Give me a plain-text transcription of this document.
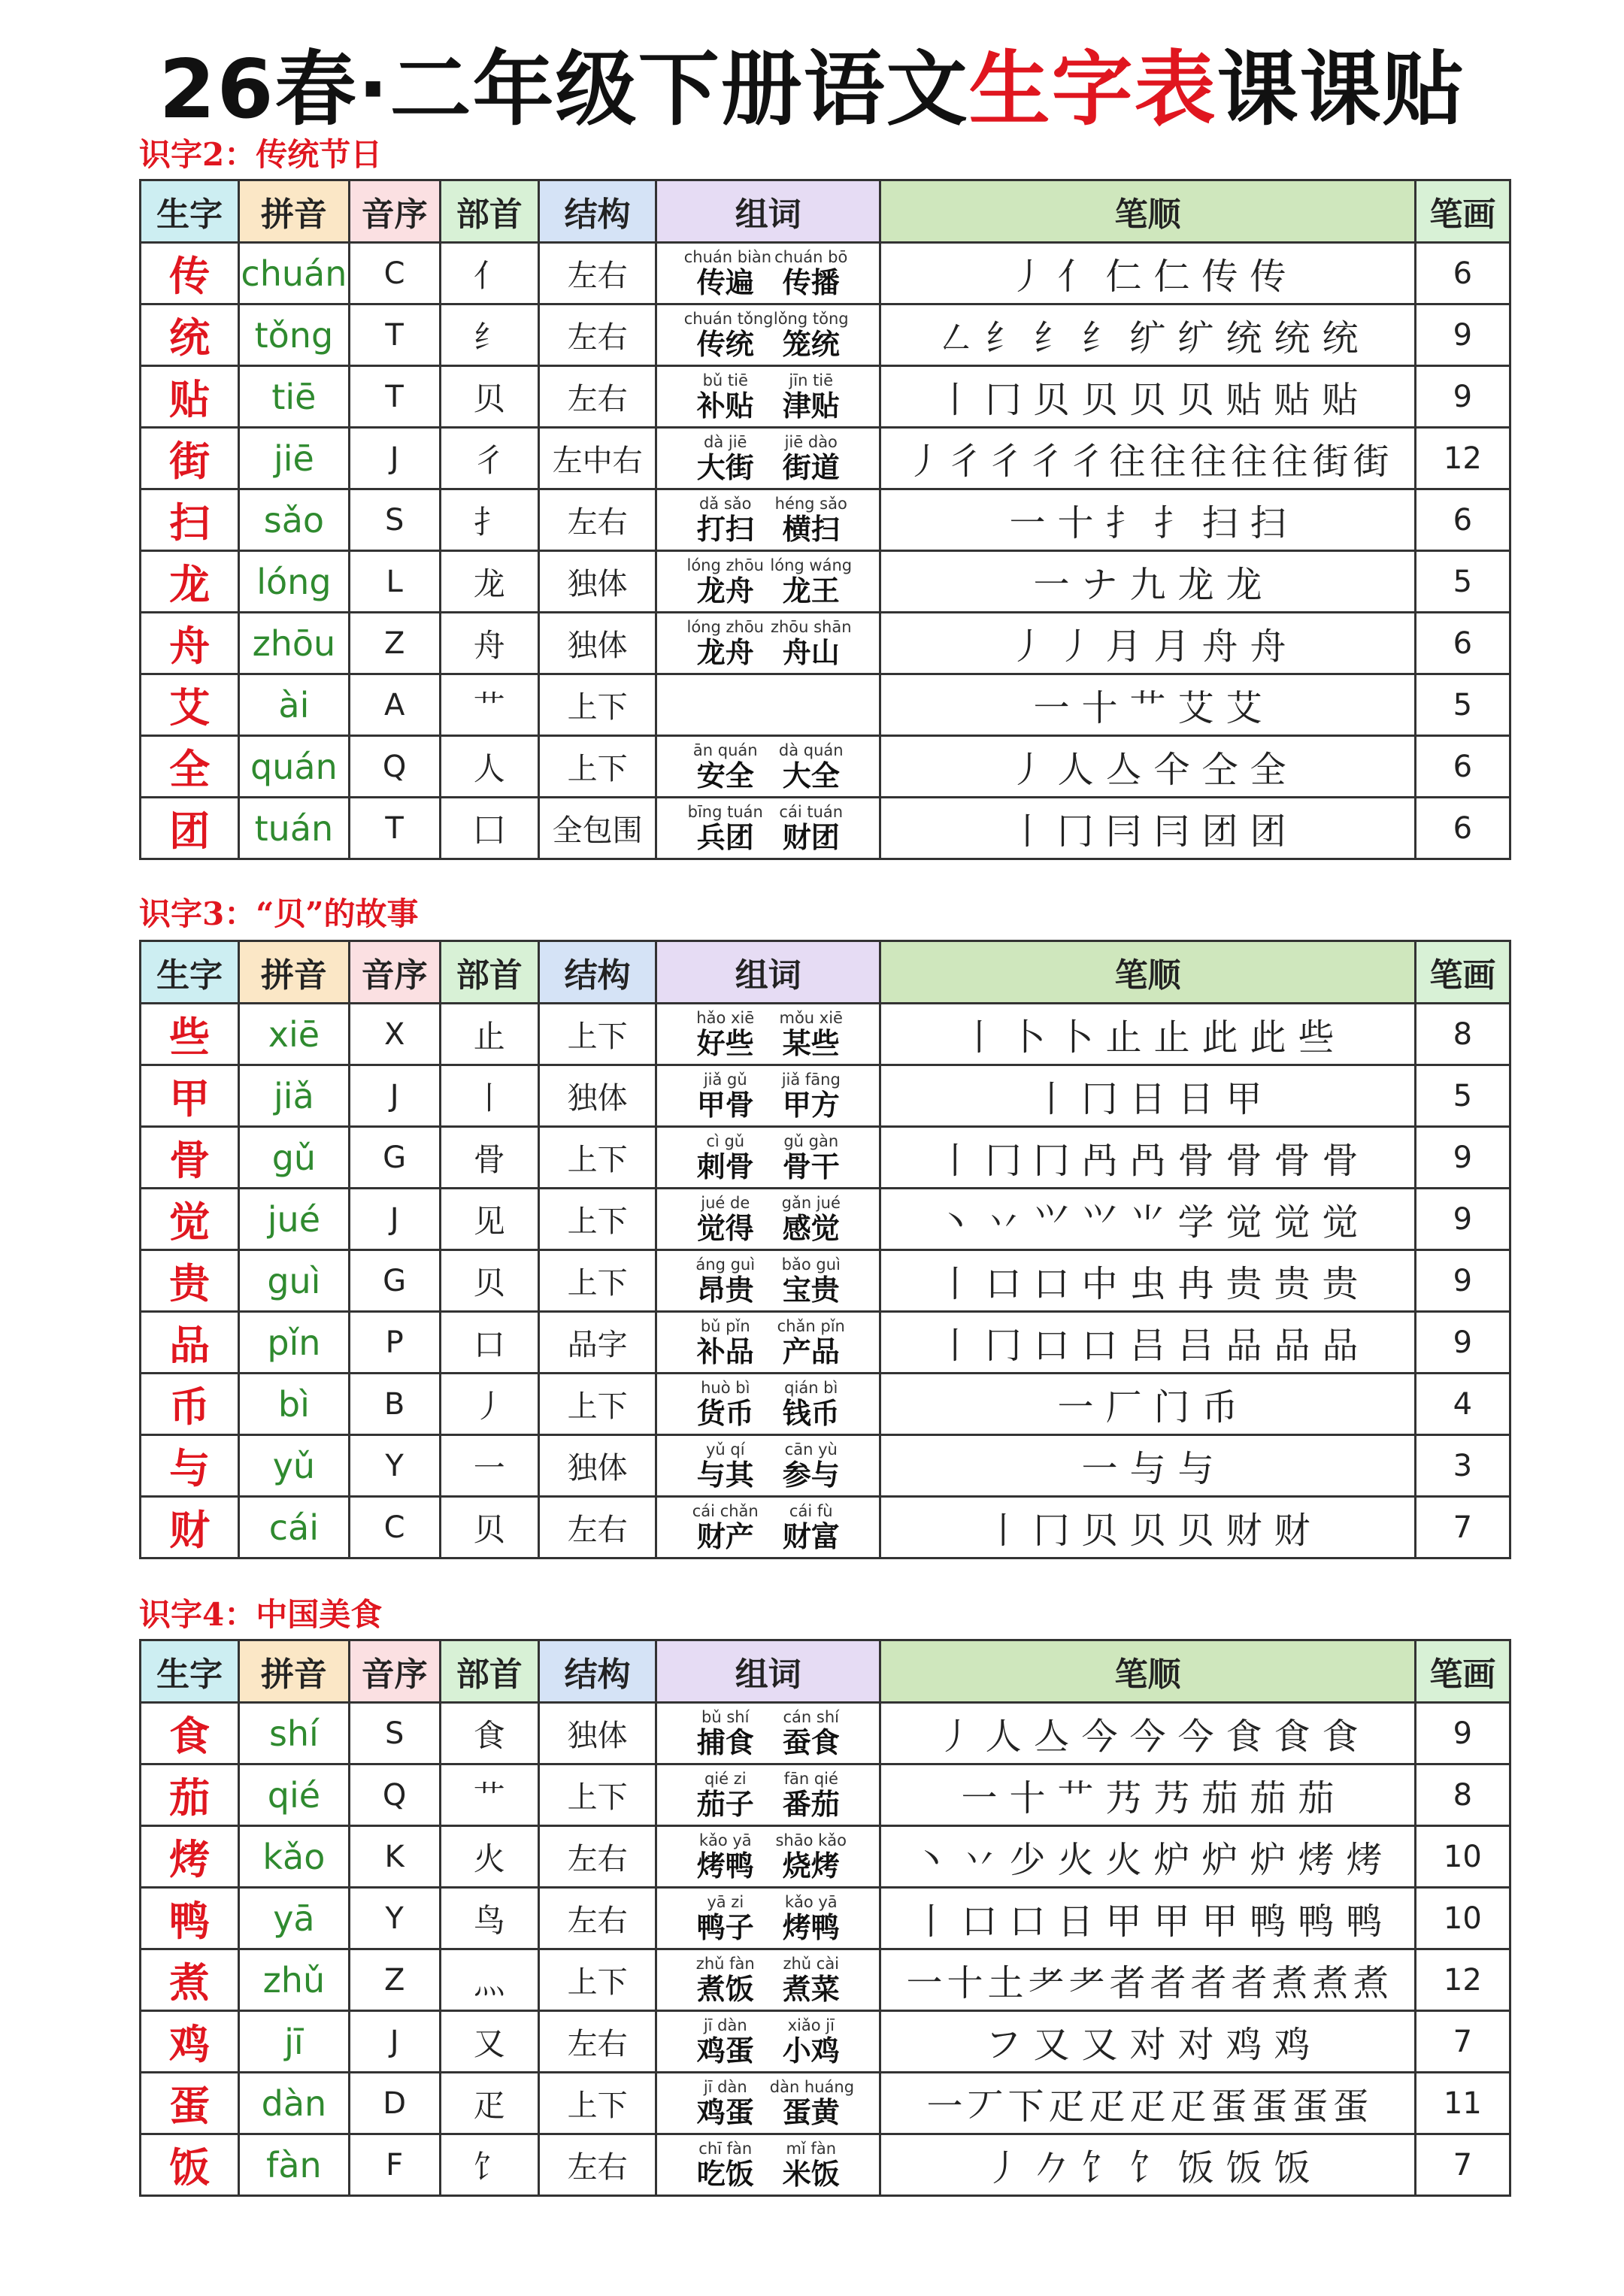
26春·二年级下册语文生字表课课贴
识字2：传统节日
生字	拼音	音序	部首	结构	组词	笔顺	笔画
传	chuán	C	亻	左右	chuán biàn
传遍
chuán bō
传播	丿 亻 仁 仁 传 传	6
统	tǒng	T	纟	左右	chuán tǒng
传统
lǒng tǒng
笼统	㇜ 纟 纟 纟 纩 纩 统 统 统	9
贴	tiē	T	贝	左右	bǔ tiē
补贴
jīn tiē
津贴	丨 冂 贝 贝 贝 贝 贴 贴 贴	9
街	jiē	J	彳	左中右	dà jiē
大街
jiē dào
街道	丿 彳 彳 彳 彳 往 往 往 往 往 街 街	12
扫	sǎo	S	扌	左右	dǎ sǎo
打扫
héng sǎo
横扫	一 十 扌 扌 扫 扫	6
龙	lóng	L	龙	独体	lóng zhōu
龙舟
lóng wáng
龙王	一 ナ 九 龙 龙	5
舟	zhōu	Z	舟	独体	lóng zhōu
龙舟
zhōu shān
舟山	丿 丿 月 月 舟 舟	6
艾	ài	A	艹	上下		一 十 艹 艾 艾	5
全	quán	Q	人	上下	ān quán
安全
dà quán
大全	丿 人 亼 仐 仝 全	6
团	tuán	T	囗	全包围	bīng tuán
兵团
cái tuán
财团	丨 冂 冃 冃 团 团	6
识字3：“贝”的故事
生字	拼音	音序	部首	结构	组词	笔顺	笔画
些	xiē	X	止	上下	hǎo xiē
好些
mǒu xiē
某些	丨 卜 卜 止 止 此 此 些	8
甲	jiǎ	J	丨	独体	jiǎ gǔ
甲骨
jiǎ fāng
甲方	丨 冂 日 日 甲	5
骨	gǔ	G	骨	上下	cì gǔ
刺骨
gǔ gàn
骨干	丨 冂 冂 冎 冎 骨 骨 骨 骨	9
觉	jué	J	见	上下	jué de
觉得
gǎn jué
感觉	丶 丷 ⺍ ⺍ ⺌ 学 觉 觉 觉	9
贵	guì	G	贝	上下	áng guì
昂贵
bǎo guì
宝贵	丨 口 口 中 虫 冉 贵 贵 贵	9
品	pǐn	P	口	品字	bǔ pǐn
补品
chǎn pǐn
产品	丨 冂 口 口 吕 吕 品 品 品	9
币	bì	B	丿	上下	huò bì
货币
qián bì
钱币	一 厂 门 币	4
与	yǔ	Y	一	独体	yǔ qí
与其
cān yù
参与	一 与 与	3
财	cái	C	贝	左右	cái chǎn
财产
cái fù
财富	丨 冂 贝 贝 贝 财 财	7
识字4：中国美食
生字	拼音	音序	部首	结构	组词	笔顺	笔画
食	shí	S	食	独体	bǔ shí
捕食
cán shí
蚕食	丿 人 亼 今 今 今 食 食 食	9
茄	qié	Q	艹	上下	qié zi
茄子
fān qié
番茄	一 十 艹 艿 艿 茄 茄 茄	8
烤	kǎo	K	火	左右	kǎo yā
烤鸭
shāo kǎo
烧烤	丶 丷 少 火 火 炉 炉 炉 烤 烤	10
鸭	yā	Y	鸟	左右	yā zi
鸭子
kǎo yā
烤鸭	丨 口 口 日 甲 甲 甲 鸭 鸭 鸭	10
煮	zhǔ	Z	灬	上下	zhǔ fàn
煮饭
zhǔ cài
煮菜	一 十 土 耂 耂 者 者 者 者 煮 煮 煮	12
鸡	jī	J	又	左右	jī dàn
鸡蛋
xiǎo jī
小鸡	フ 又 又 对 对 鸡 鸡	7
蛋	dàn	D	疋	上下	jī dàn
鸡蛋
dàn huáng
蛋黄	一 丆 下 疋 疋 疋 疋 蛋 蛋 蛋 蛋	11
饭	fàn	F	饣	左右	chī fàn
吃饭
mǐ fàn
米饭	丿 𠂊 饣 饣 饭 饭 饭	7
